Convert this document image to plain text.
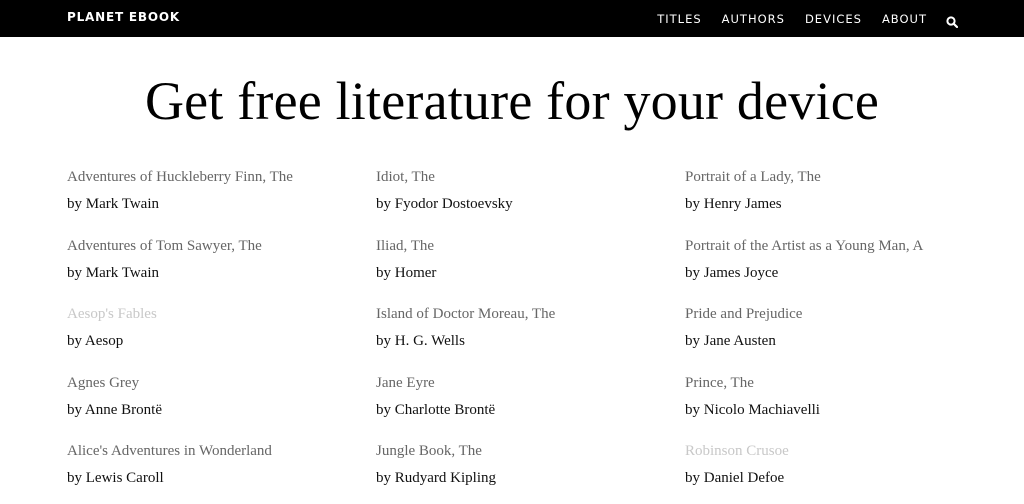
PLANET EBOOK	TITLES AUTHORS DEVICES ABOUT
Get free literature for your device
Adventures of Huckleberry Finn, The
by Mark Twain
Adventures of Tom Sawyer, The
by Mark Twain
Aesop's Fables
by Aesop
Agnes Grey
by Anne Brontë
Alice's Adventures in Wonderland
by Lewis Caroll
Idiot, The
by Fyodor Dostoevsky
Iliad, The
by Homer
Island of Doctor Moreau, The
by H. G. Wells
Jane Eyre
by Charlotte Brontë
Jungle Book, The
by Rudyard Kipling
Portrait of a Lady, The
by Henry James
Portrait of the Artist as a Young Man, A
by James Joyce
Pride and Prejudice
by Jane Austen
Prince, The
by Nicolo Machiavelli
Robinson Crusoe
by Daniel Defoe
